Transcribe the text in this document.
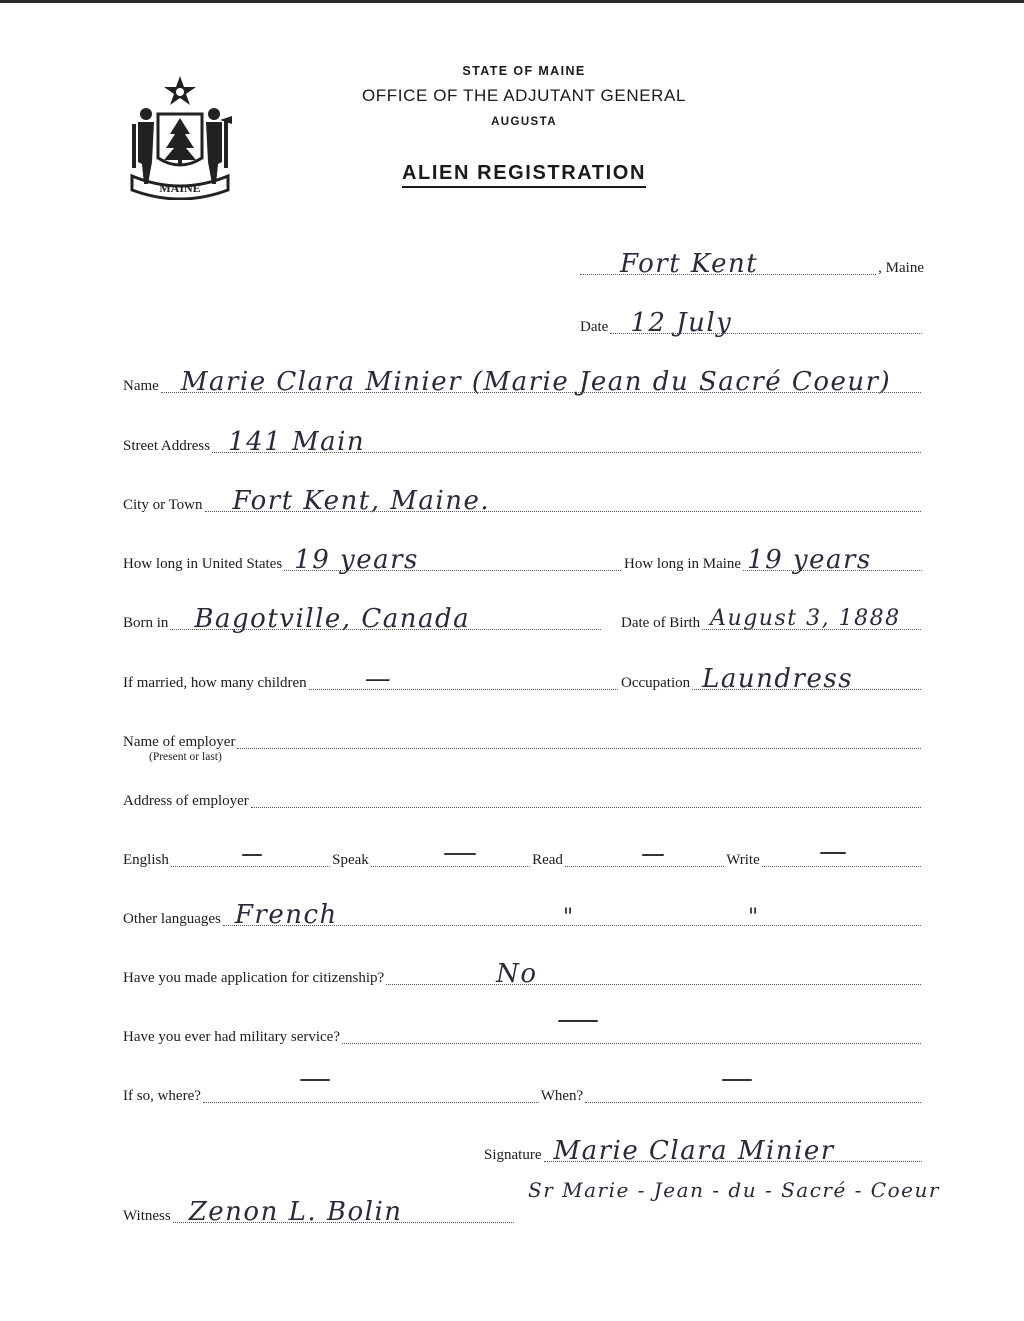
MAINE
STATE OF MAINE
OFFICE OF THE ADJUTANT GENERAL
AUGUSTA
ALIEN REGISTRATION
Fort Kent	, Maine
Date 12 July
Name Marie Clara Minier (Marie Jean du Sacré Coeur)
Street Address 141 Main
City or Town Fort Kent, Maine.
How long in United States 19 years	How long in Maine 19 years
Born in Bagotville, Canada	Date of Birth August 3, 1888
If married, how many children —	Occupation Laundress
Name of employer
(Present or last)
Address of employer
English	Speak	Read	Write
Other languages French	"	"
Have you made application for citizenship?	No
Have you ever had military service?
If so, where?	When?
Signature Marie Clara Minier
Sr Marie - Jean - du - Sacré - Coeur
Witness Zenon L. Bolin
